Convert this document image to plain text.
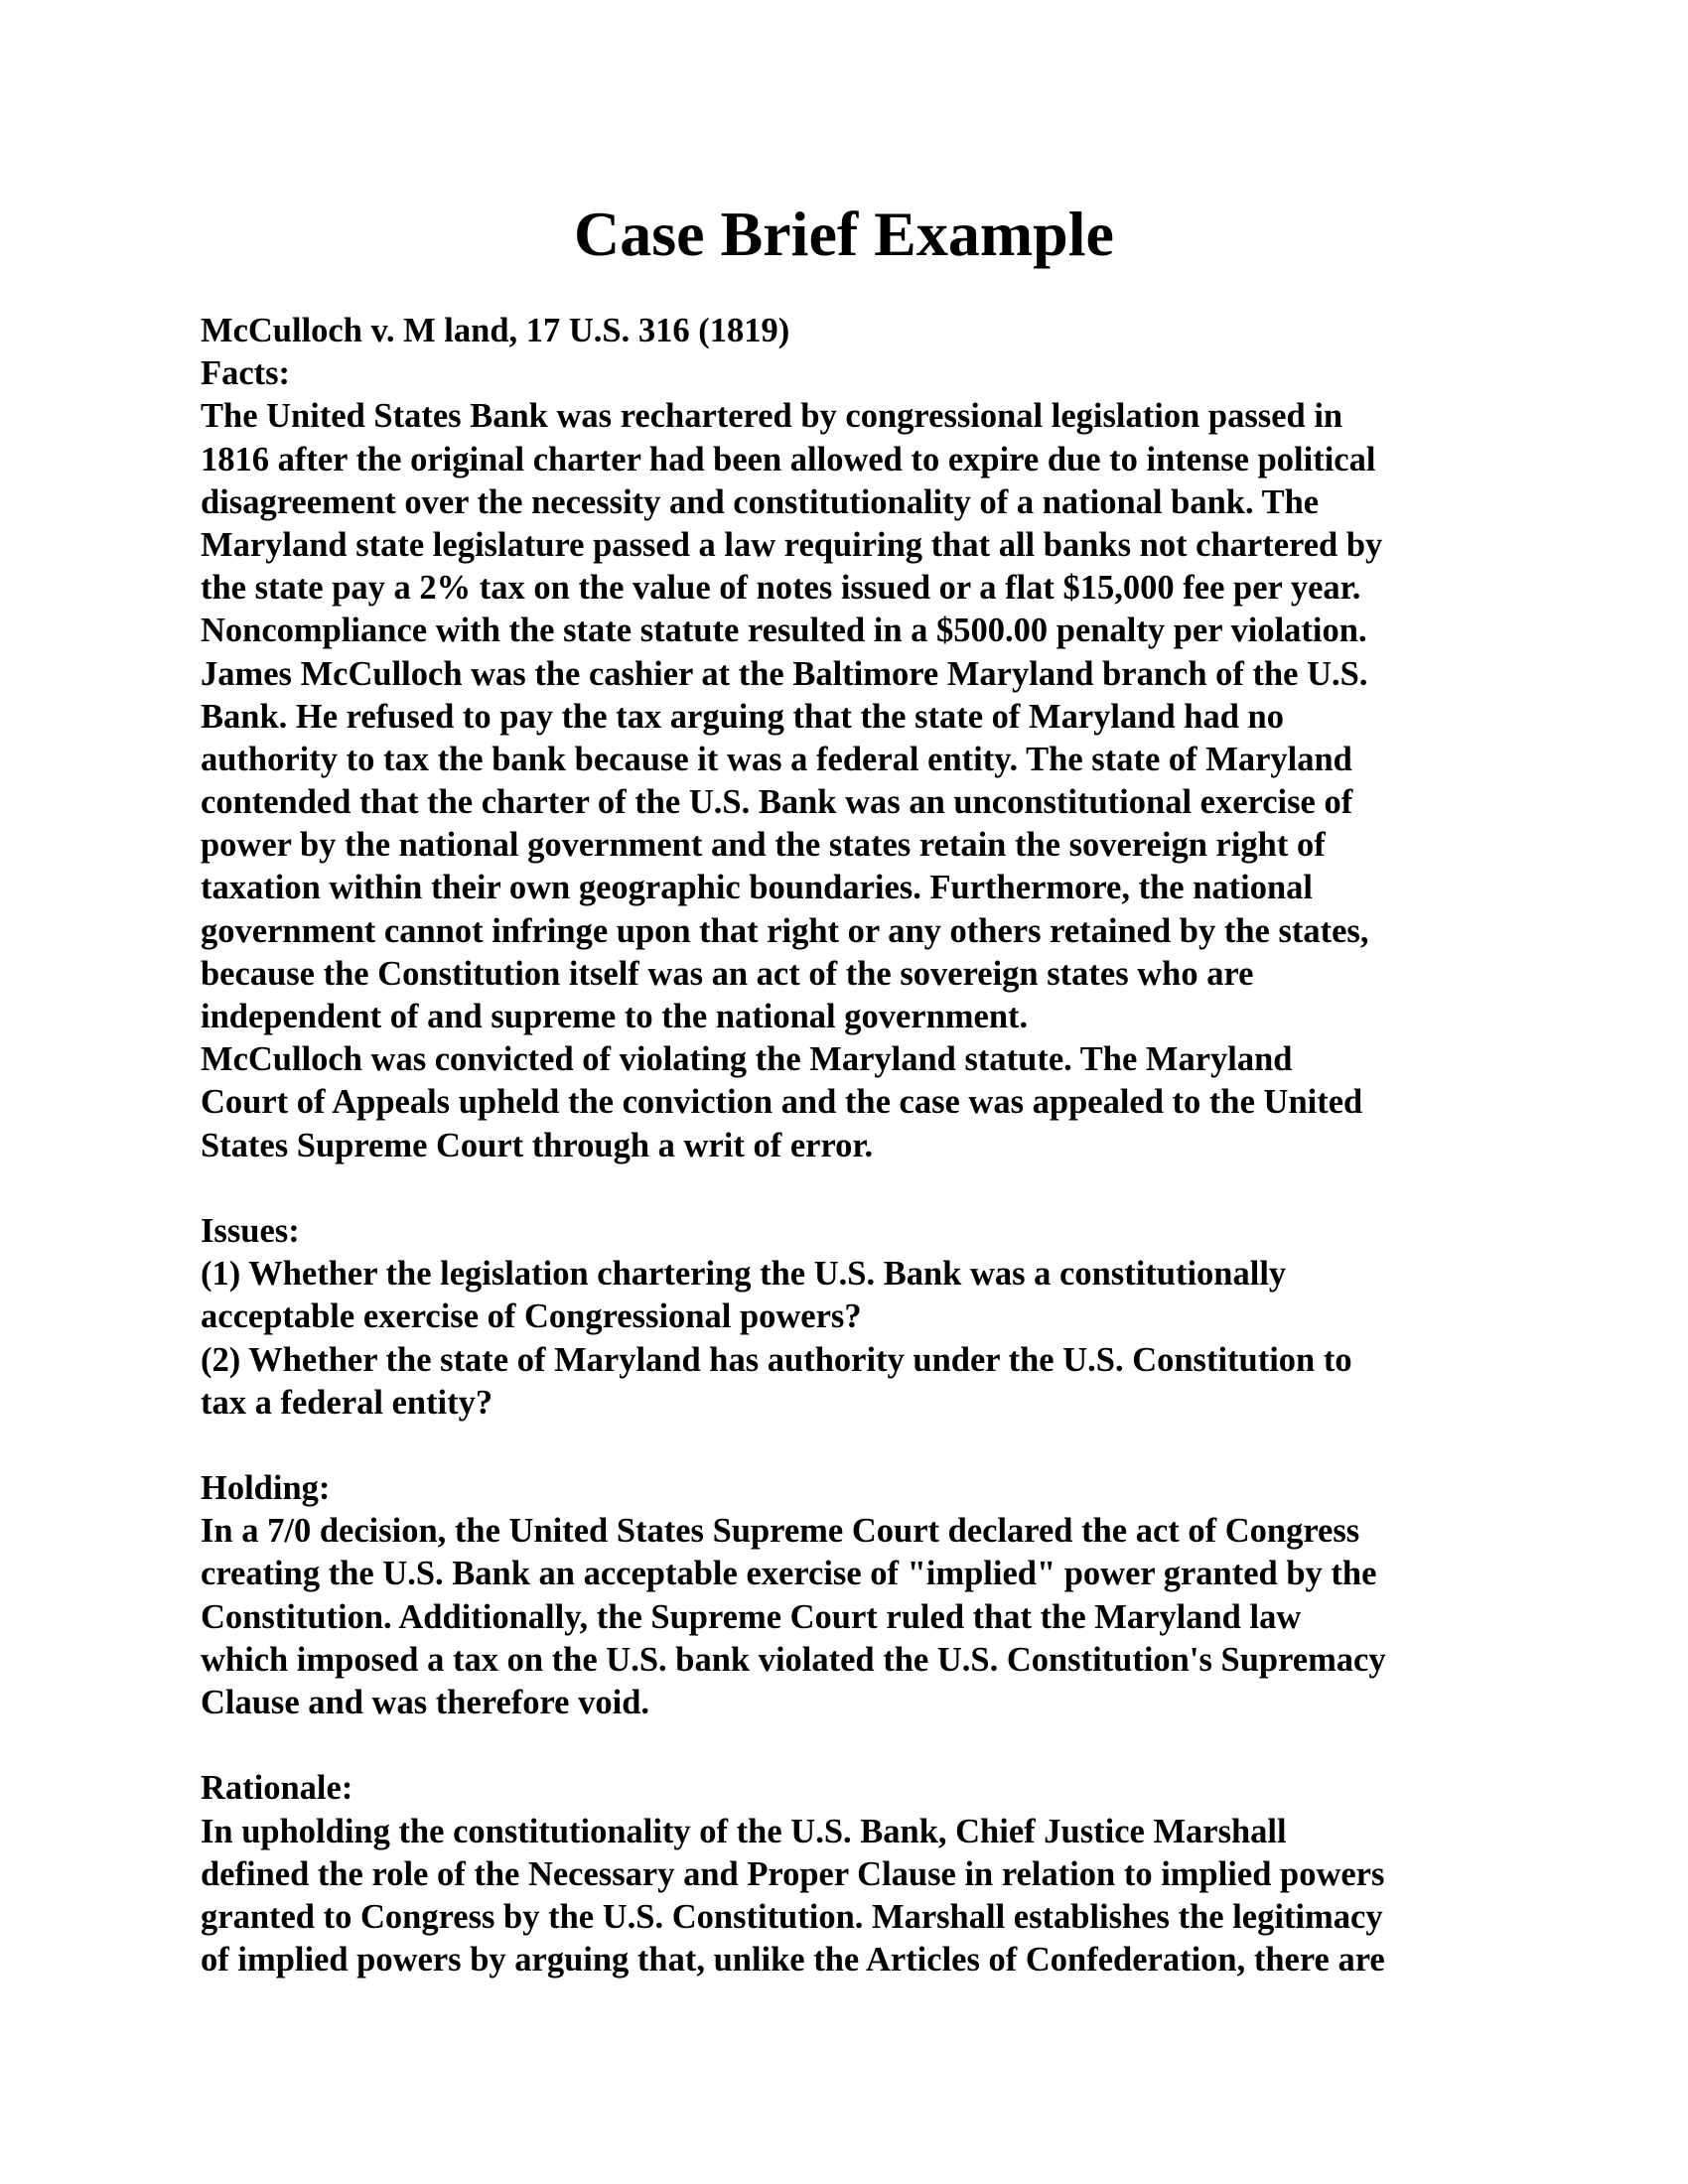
Case Brief Example
McCulloch v. M land, 17 U.S. 316 (1819)
Facts:
The United States Bank was rechartered by congressional legislation passed in
1816 after the original charter had been allowed to expire due to intense political
disagreement over the necessity and constitutionality of a national bank. The
Maryland state legislature passed a law requiring that all banks not chartered by
the state pay a 2% tax on the value of notes issued or a flat $15,000 fee per year.
Noncompliance with the state statute resulted in a $500.00 penalty per violation.
James McCulloch was the cashier at the Baltimore Maryland branch of the U.S.
Bank. He refused to pay the tax arguing that the state of Maryland had no
authority to tax the bank because it was a federal entity. The state of Maryland
contended that the charter of the U.S. Bank was an unconstitutional exercise of
power by the national government and the states retain the sovereign right of
taxation within their own geographic boundaries. Furthermore, the national
government cannot infringe upon that right or any others retained by the states,
because the Constitution itself was an act of the sovereign states who are
independent of and supreme to the national government.
McCulloch was convicted of violating the Maryland statute. The Maryland
Court of Appeals upheld the conviction and the case was appealed to the United
States Supreme Court through a writ of error.
Issues:
(1) Whether the legislation chartering the U.S. Bank was a constitutionally
acceptable exercise of Congressional powers?
(2) Whether the state of Maryland has authority under the U.S. Constitution to
tax a federal entity?
Holding:
In a 7/0 decision, the United States Supreme Court declared the act of Congress
creating the U.S. Bank an acceptable exercise of "implied" power granted by the
Constitution. Additionally, the Supreme Court ruled that the Maryland law
which imposed a tax on the U.S. bank violated the U.S. Constitution's Supremacy
Clause and was therefore void.
Rationale:
In upholding the constitutionality of the U.S. Bank, Chief Justice Marshall
defined the role of the Necessary and Proper Clause in relation to implied powers
granted to Congress by the U.S. Constitution. Marshall establishes the legitimacy
of implied powers by arguing that, unlike the Articles of Confederation, there are
